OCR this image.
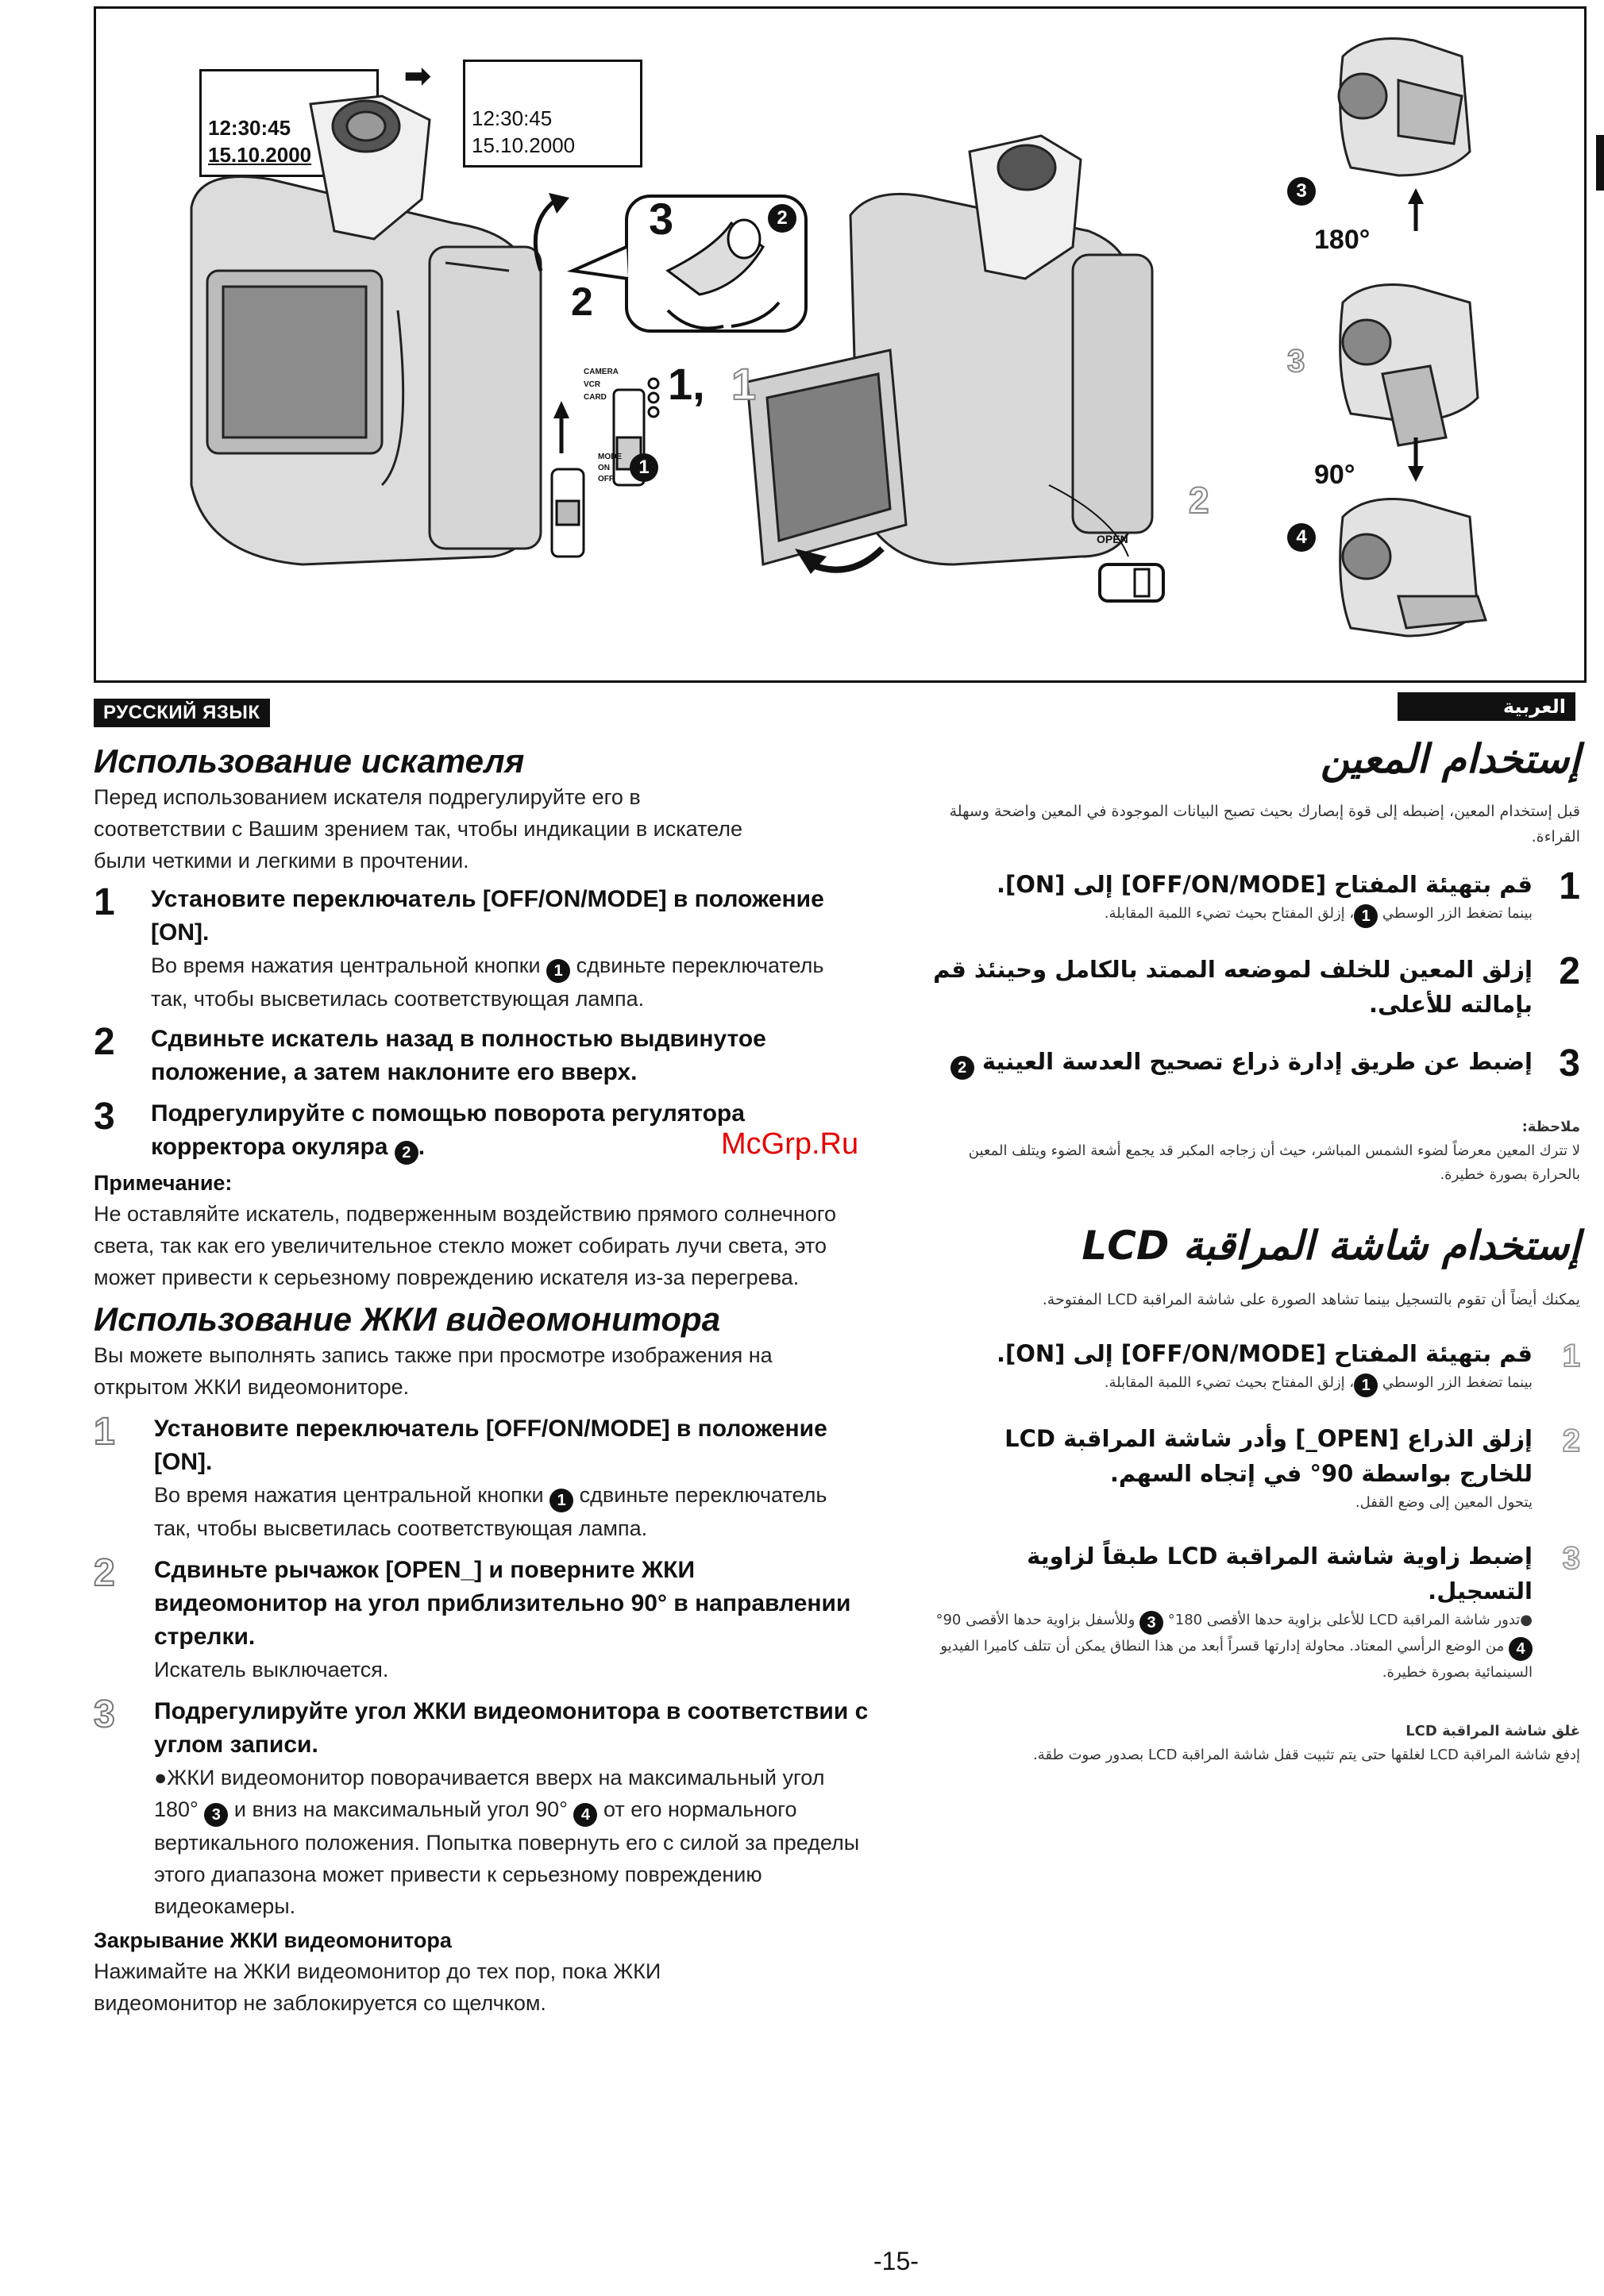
12:30:45
15.10.2000
➡
12:30:45
15.10.2000
3	2
2
1, 1
CAMERA
VCR
CARD
MODE
ON
OFF
1
2
OPEN
3
180°
3
90°
4
РУССКИЙ ЯЗЫК
Использование искателя
Перед использованием искателя подрегулируйте его в соответствии с Вашим зрением так, чтобы индикации в искателе были четкими и легкими в прочтении.
1	Установите переключатель [OFF/ON/MODE] в положение [ON].
Во время нажатия центральной кнопки 1 сдвиньте переключатель так, чтобы высветилась соответствующая лампа.
2	Сдвиньте искатель назад в полностью выдвинутое положение, а затем наклоните его вверх.
3	Подрегулируйте с помощью поворота регулятора корректора окуляра 2 .
Примечание:
Не оставляйте искатель, подверженным воздействию прямого солнечного света, так как его увеличительное стекло может собирать лучи света, это может привести к серьезному повреждению искателя из-за перегрева.
Использование ЖКИ видеомонитора
Вы можете выполнять запись также при просмотре изображения на открытом ЖКИ видеомониторе.
1	Установите переключатель [OFF/ON/MODE] в положение [ON].
Во время нажатия центральной кнопки 1 сдвиньте переключатель так, чтобы высветилась соответствующая лампа.
2	Сдвиньте рычажок [OPEN_] и поверните ЖКИ видеомонитор на угол приблизительно 90° в направлении стрелки.
Искатель выключается.
3	Подрегулируйте угол ЖКИ видеомонитора в соответствии с углом записи.
●ЖКИ видеомонитор поворачивается вверх на максимальный угол 180° 3 и вниз на максимальный угол 90° 4 от его нормального вертикального положения. Попытка повернуть его с силой за пределы этого диапазона может привести к серьезному повреждению видеокамеры.
Закрывание ЖКИ видеомонитора
Нажимайте на ЖКИ видеомонитор до тех пор, пока ЖКИ видеомонитор не заблокируется со щелчком.
McGrp.Ru
العربية
إستخدام المعين
قبل إستخدام المعين، إضبطه إلى قوة إبصارك بحيث تصبح البيانات الموجودة في المعين واضحة وسهلة القراءة.
1
قم بتهيئة المفتاح [OFF/ON/MODE] إلى [ON].
بينما تضغط الزر الوسطي 1، إزلق المفتاح بحيث تضيء اللمبة المقابلة.
2
إزلق المعين للخلف لموضعه الممتد بالكامل وحينئذ قم بإمالته للأعلى.
3
إضبط عن طريق إدارة ذراع تصحيح العدسة العينية 2
ملاحظة:
لا تترك المعين معرضاً لضوء الشمس المباشر، حيث أن زجاجه المكبر قد يجمع أشعة الضوء ويتلف المعين بالحرارة بصورة خطيرة.
إستخدام شاشة المراقبة LCD
يمكنك أيضاً أن تقوم بالتسجيل بينما تشاهد الصورة على شاشة المراقبة LCD المفتوحة.
1
قم بتهيئة المفتاح [OFF/ON/MODE] إلى [ON].
بينما تضغط الزر الوسطي 1، إزلق المفتاح بحيث تضيء اللمبة المقابلة.
2
إزلق الذراع [OPEN_] وأدر شاشة المراقبة LCD للخارج بواسطة 90° في إتجاه السهم.
يتحول المعين إلى وضع القفل.
3
إضبط زاوية شاشة المراقبة LCD طبقاً لزاوية التسجيل.
●تدور شاشة المراقبة LCD للأعلى بزاوية حدها الأقصى 180° 3 وللأسفل بزاوية حدها الأقصى 90° 4 من الوضع الرأسي المعتاد. محاولة إدارتها قسراً أبعد من هذا النطاق يمكن أن تتلف كاميرا الفيديو السينمائية بصورة خطيرة.
غلق شاشة المراقبة LCD
إدفع شاشة المراقبة LCD لغلقها حتى يتم تثبيت قفل شاشة المراقبة LCD بصدور صوت طقة.
-15-
